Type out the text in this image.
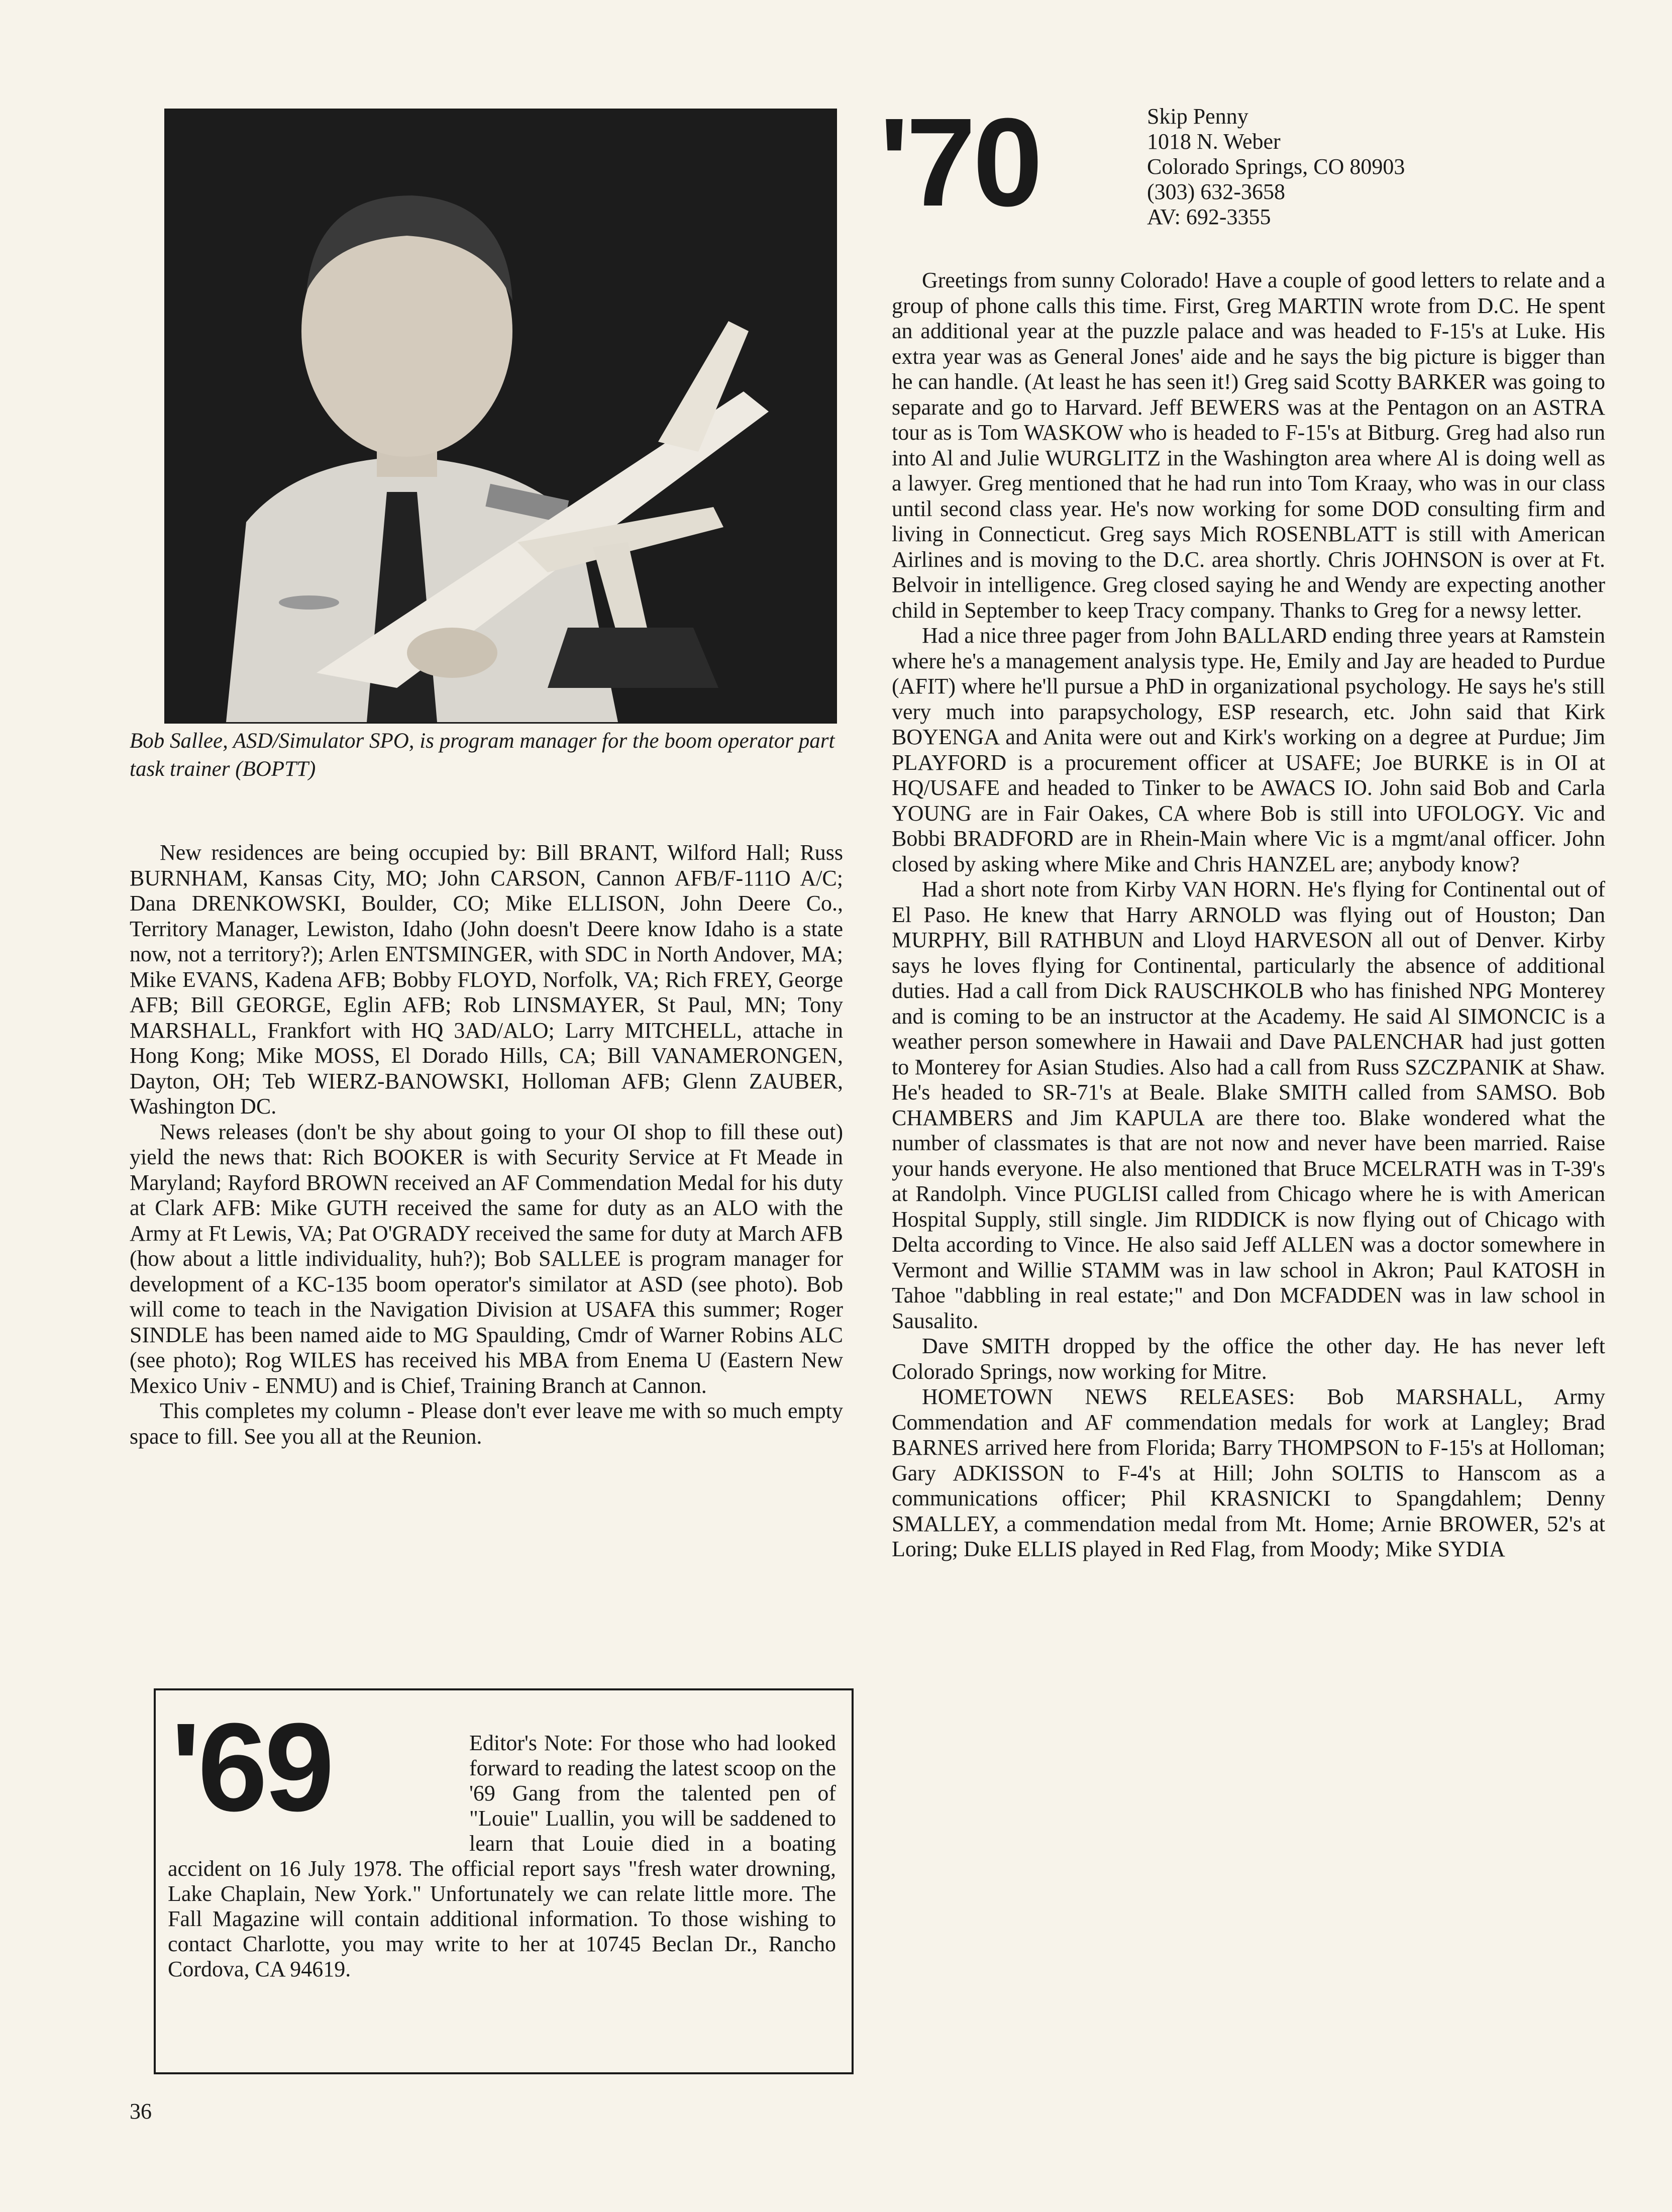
Bob Sallee, ASD/Simulator SPO, is program manager for the boom operator part task trainer (BOPTT)

New residences are being occupied by: Bill BRANT, Wilford Hall; Russ BURNHAM, Kansas City, MO; John CARSON, Cannon AFB/F-111O A/C; Dana DRENKOWSKI, Boulder, CO; Mike ELLISON, John Deere Co., Territory Manager, Lewiston, Idaho (John doesn't Deere know Idaho is a state now, not a territory?); Arlen ENTSMINGER, with SDC in North Andover, MA; Mike EVANS, Kadena AFB; Bobby FLOYD, Norfolk, VA; Rich FREY, George AFB; Bill GEORGE, Eglin AFB; Rob LINSMAYER, St Paul, MN; Tony MARSHALL, Frankfort with HQ 3AD/ALO; Larry MITCHELL, attache in Hong Kong; Mike MOSS, El Dorado Hills, CA; Bill VANAMERONGEN, Dayton, OH; Teb WIERZ-BANOWSKI, Holloman AFB; Glenn ZAUBER, Washington DC.

News releases (don't be shy about going to your OI shop to fill these out) yield the news that: Rich BOOKER is with Security Service at Ft Meade in Maryland; Rayford BROWN received an AF Commendation Medal for his duty at Clark AFB: Mike GUTH received the same for duty as an ALO with the Army at Ft Lewis, VA; Pat O'GRADY received the same for duty at March AFB (how about a little individuality, huh?); Bob SALLEE is program manager for development of a KC-135 boom operator's similator at ASD (see photo). Bob will come to teach in the Navigation Division at USAFA this summer; Roger SINDLE has been named aide to MG Spaulding, Cmdr of Warner Robins ALC (see photo); Rog WILES has received his MBA from Enema U (Eastern New Mexico Univ - ENMU) and is Chief, Training Branch at Cannon.

This completes my column - Please don't ever leave me with so much empty space to fill. See you all at the Reunion.

'69	Editor's Note: For those who had looked forward to reading the latest scoop on the '69 Gang from the talented pen of "Louie" Luallin, you will be saddened to learn that Louie died in a boating accident on 16 July 1978. The official report says "fresh water drowning, Lake Chaplain, New York." Unfortunately we can relate little more. The Fall Magazine will contain additional information. To those wishing to contact Charlotte, you may write to her at 10745 Beclan Dr., Rancho Cordova, CA 94619.
'70	Skip Penny
1018 N. Weber
Colorado Springs, CO 80903
(303) 632-3658
AV: 692-3355

Greetings from sunny Colorado! Have a couple of good letters to relate and a group of phone calls this time. First, Greg MARTIN wrote from D.C. He spent an additional year at the puzzle palace and was headed to F-15's at Luke. His extra year was as General Jones' aide and he says the big picture is bigger than he can handle. (At least he has seen it!) Greg said Scotty BARKER was going to separate and go to Harvard. Jeff BEWERS was at the Pentagon on an ASTRA tour as is Tom WASKOW who is headed to F-15's at Bitburg. Greg had also run into Al and Julie WURGLITZ in the Washington area where Al is doing well as a lawyer. Greg mentioned that he had run into Tom Kraay, who was in our class until second class year. He's now working for some DOD consulting firm and living in Connecticut. Greg says Mich ROSENBLATT is still with American Airlines and is moving to the D.C. area shortly. Chris JOHNSON is over at Ft. Belvoir in intelligence. Greg closed saying he and Wendy are expecting another child in September to keep Tracy company. Thanks to Greg for a newsy letter.

Had a nice three pager from John BALLARD ending three years at Ramstein where he's a management analysis type. He, Emily and Jay are headed to Purdue (AFIT) where he'll pursue a PhD in organizational psychology. He says he's still very much into parapsychology, ESP research, etc. John said that Kirk BOYENGA and Anita were out and Kirk's working on a degree at Purdue; Jim PLAYFORD is a procurement officer at USAFE; Joe BURKE is in OI at HQ/USAFE and headed to Tinker to be AWACS IO. John said Bob and Carla YOUNG are in Fair Oakes, CA where Bob is still into UFOLOGY. Vic and Bobbi BRADFORD are in Rhein-Main where Vic is a mgmt/anal officer. John closed by asking where Mike and Chris HANZEL are; anybody know?

Had a short note from Kirby VAN HORN. He's flying for Continental out of El Paso. He knew that Harry ARNOLD was flying out of Houston; Dan MURPHY, Bill RATHBUN and Lloyd HARVESON all out of Denver. Kirby says he loves flying for Continental, particularly the absence of additional duties. Had a call from Dick RAUSCHKOLB who has finished NPG Monterey and is coming to be an instructor at the Academy. He said Al SIMONCIC is a weather person somewhere in Hawaii and Dave PALENCHAR had just gotten to Monterey for Asian Studies. Also had a call from Russ SZCZPANIK at Shaw. He's headed to SR-71's at Beale. Blake SMITH called from SAMSO. Bob CHAMBERS and Jim KAPULA are there too. Blake wondered what the number of classmates is that are not now and never have been married. Raise your hands everyone. He also mentioned that Bruce MCELRATH was in T-39's at Randolph. Vince PUGLISI called from Chicago where he is with American Hospital Supply, still single. Jim RIDDICK is now flying out of Chicago with Delta according to Vince. He also said Jeff ALLEN was a doctor somewhere in Vermont and Willie STAMM was in law school in Akron; Paul KATOSH in Tahoe "dabbling in real estate;" and Don MCFADDEN was in law school in Sausalito.

Dave SMITH dropped by the office the other day. He has never left Colorado Springs, now working for Mitre.

HOMETOWN NEWS RELEASES: Bob MARSHALL, Army Commendation and AF commendation medals for work at Langley; Brad BARNES arrived here from Florida; Barry THOMPSON to F-15's at Holloman; Gary ADKISSON to F-4's at Hill; John SOLTIS to Hanscom as a communications officer; Phil KRASNICKI to Spangdahlem; Denny SMALLEY, a commendation medal from Mt. Home; Arnie BROWER, 52's at Loring; Duke ELLIS played in Red Flag, from Moody; Mike SYDIA

36
